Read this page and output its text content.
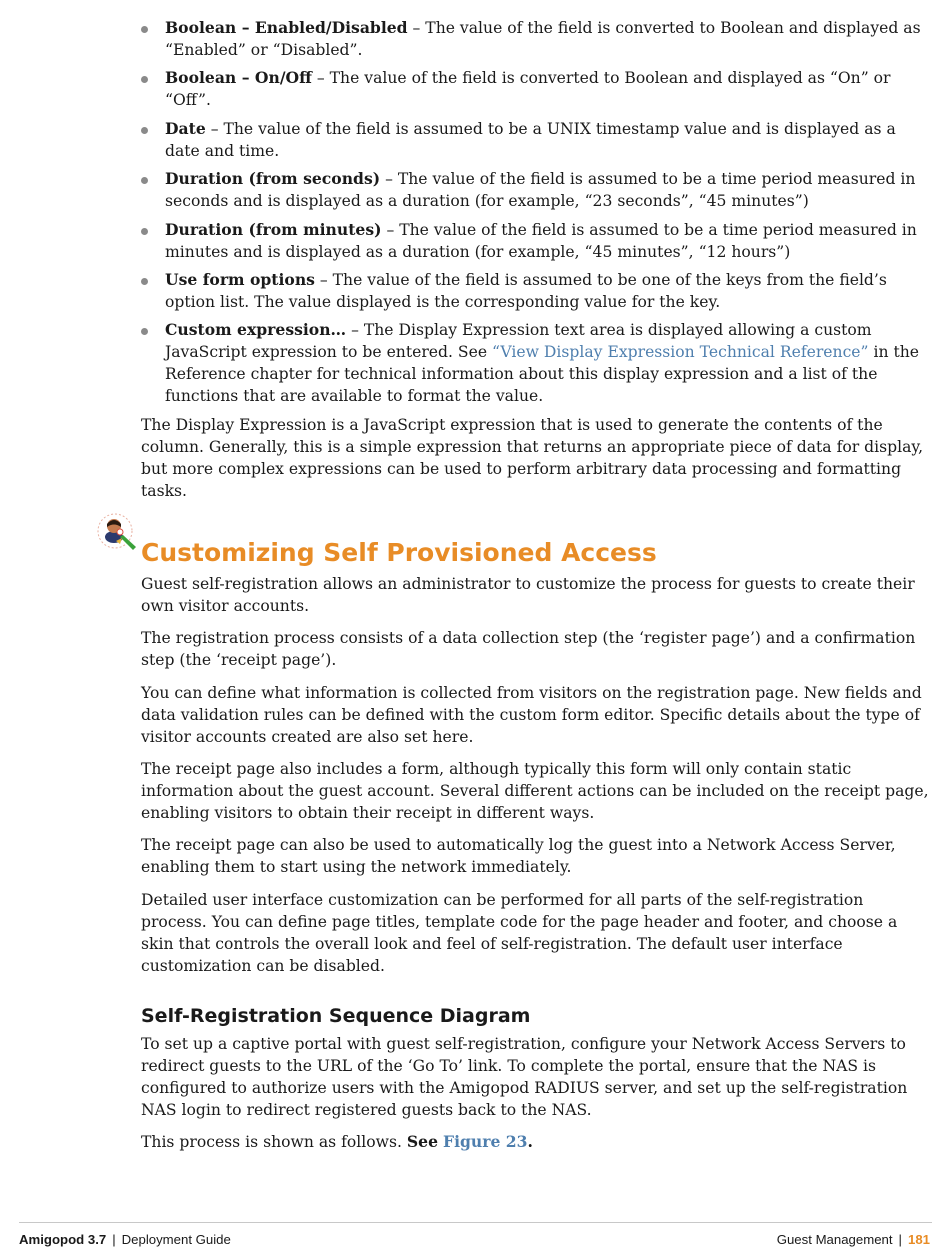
Boolean – Enabled/Disabled – The value of the field is converted to Boolean and displayed as “Enabled” or “Disabled”.
Boolean – On/Off – The value of the field is converted to Boolean and displayed as “On” or “Off”.
Date – The value of the field is assumed to be a UNIX timestamp value and is displayed as a date and time.
Duration (from seconds) – The value of the field is assumed to be a time period measured in seconds and is displayed as a duration (for example, “23 seconds”, “45 minutes”)
Duration (from minutes) – The value of the field is assumed to be a time period measured in minutes and is displayed as a duration (for example, “45 minutes”, “12 hours”)
Use form options – The value of the field is assumed to be one of the keys from the field’s option list. The value displayed is the corresponding value for the key.
Custom expression… – The Display Expression text area is displayed allowing a custom JavaScript expression to be entered. See “View Display Expression Technical Reference” in the Reference chapter for technical information about this display expression and a list of the functions that are available to format the value.

The Display Expression is a JavaScript expression that is used to generate the contents of the column. Generally, this is a simple expression that returns an appropriate piece of data for display, but more complex expressions can be used to perform arbitrary data processing and formatting tasks.

Customizing Self Provisioned Access

Guest self-registration allows an administrator to customize the process for guests to create their own visitor accounts.

The registration process consists of a data collection step (the ‘register page’) and a confirmation step (the ‘receipt page’).

You can define what information is collected from visitors on the registration page. New fields and data validation rules can be defined with the custom form editor. Specific details about the type of visitor accounts created are also set here.

The receipt page also includes a form, although typically this form will only contain static information about the guest account. Several different actions can be included on the receipt page, enabling visitors to obtain their receipt in different ways.

The receipt page can also be used to automatically log the guest into a Network Access Server, enabling them to start using the network immediately.

Detailed user interface customization can be performed for all parts of the self-registration process. You can define page titles, template code for the page header and footer, and choose a skin that controls the overall look and feel of self-registration. The default user interface customization can be disabled.

Self-Registration Sequence Diagram

To set up a captive portal with guest self-registration, configure your Network Access Servers to redirect guests to the URL of the ‘Go To’ link. To complete the portal, ensure that the NAS is configured to authorize users with the Amigopod RADIUS server, and set up the self-registration NAS login to redirect registered guests back to the NAS.

This process is shown as follows. See Figure 23.

Amigopod 3.7 | Deployment Guide	Guest Management | 181
